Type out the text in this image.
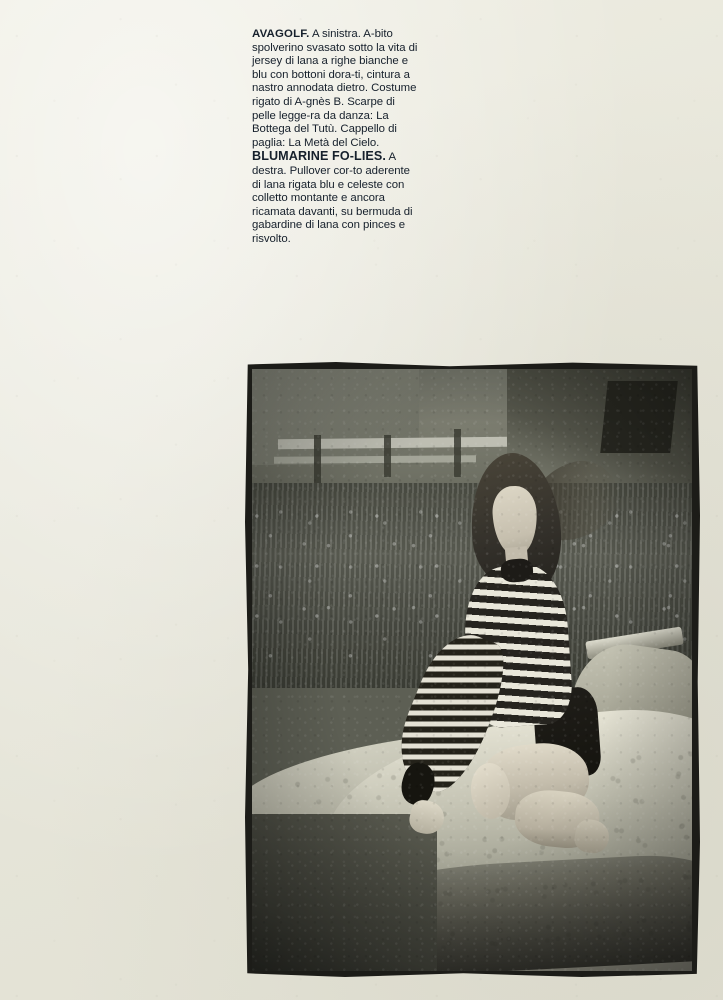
AVAGOLF. A sinistra. A-bito spolverino svasato sotto la vita di jersey di lana a righe bianche e blu con bottoni dora-ti, cintura a nastro annodata dietro. Costume rigato di A-gnès B. Scarpe di pelle legge-ra da danza: La Bottega del Tutù. Cappello di paglia: La Metà del Cielo.

BLUMARINE FO-LIES. A destra. Pullover cor-to aderente di lana rigata blu e celeste con colletto montante e ancora ricamata davanti, su bermuda di gabardine di lana con pinces e risvolto.
